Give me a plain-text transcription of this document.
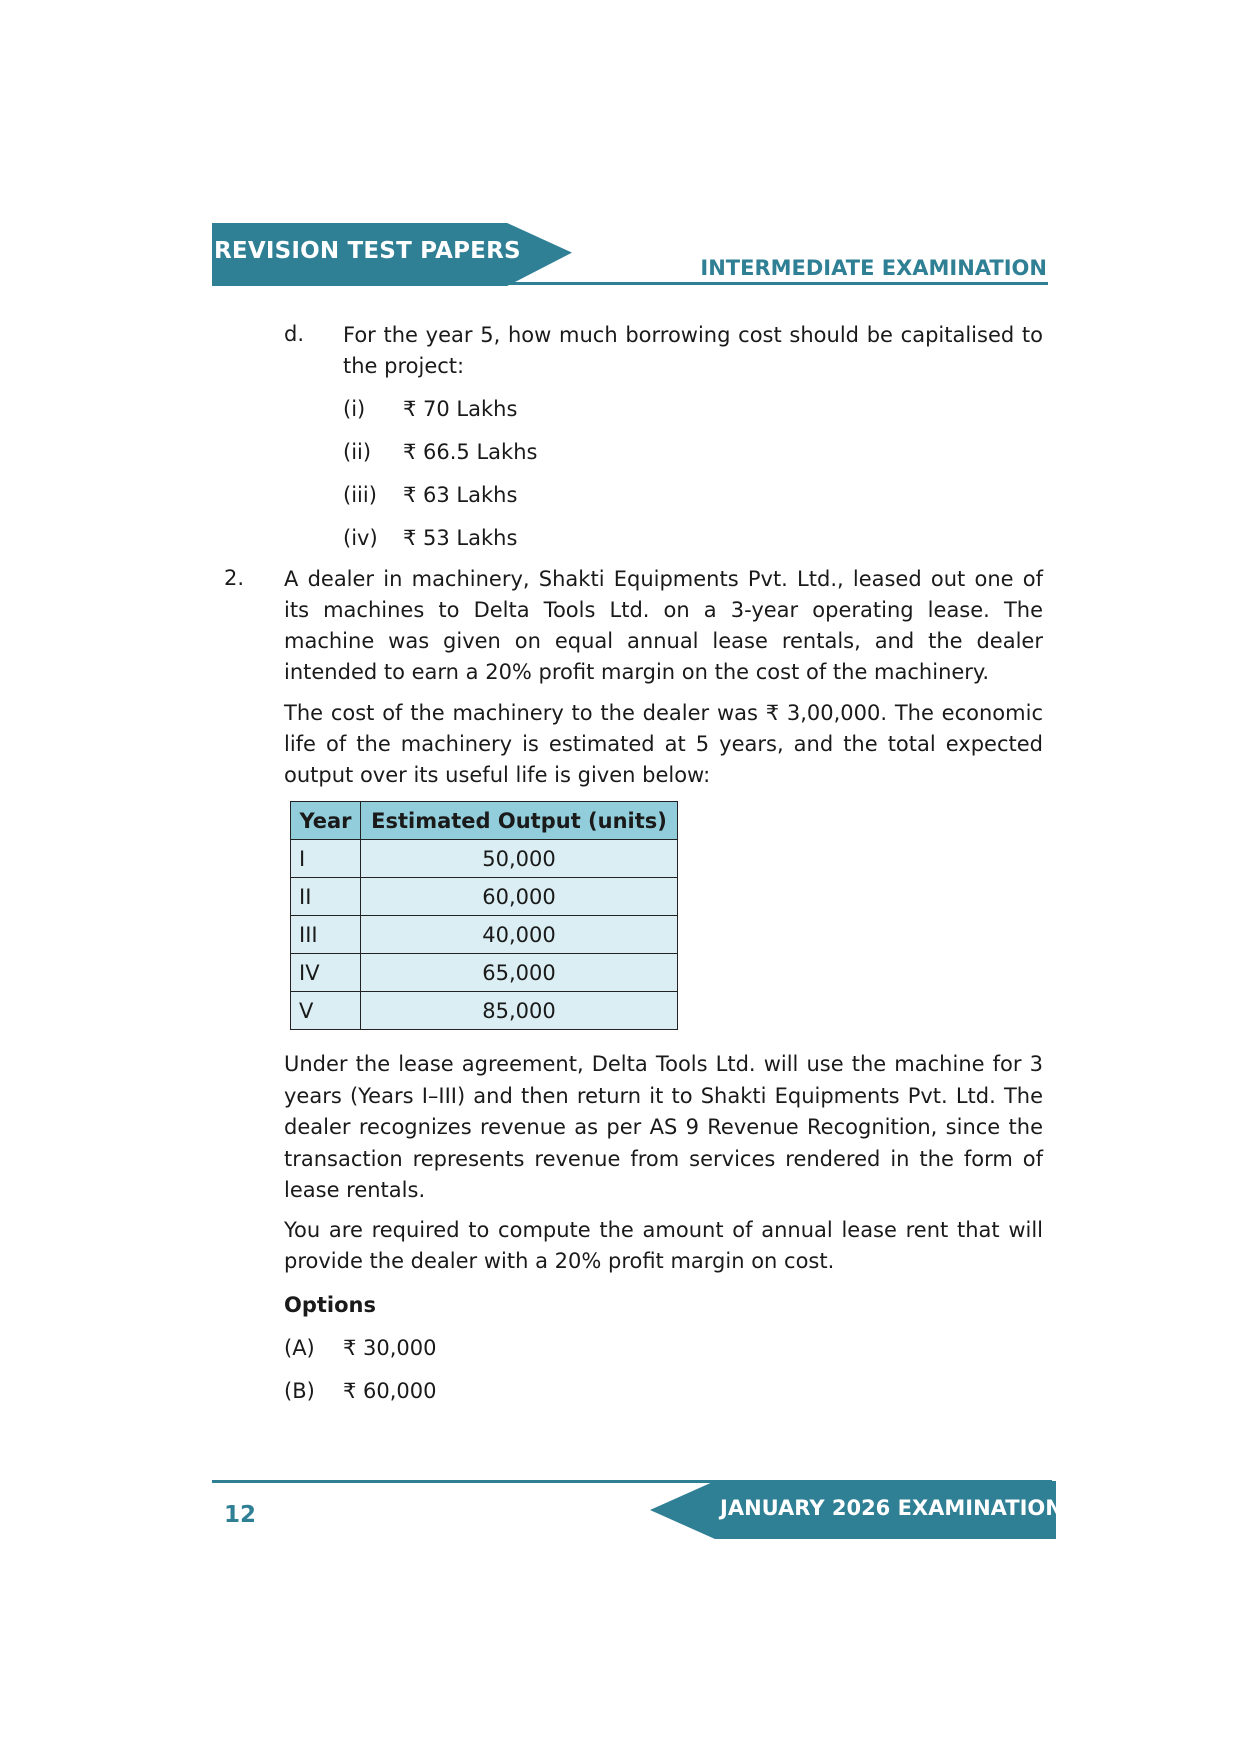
REVISION TEST PAPERS
INTERMEDIATE EXAMINATION
d. For the year 5, how much borrowing cost should be capitalised to the project:
(i) ₹ 70 Lakhs
(ii) ₹ 66.5 Lakhs
(iii) ₹ 63 Lakhs
(iv) ₹ 53 Lakhs
2. A dealer in machinery, Shakti Equipments Pvt. Ltd., leased out one of its machines to Delta Tools Ltd. on a 3-year operating lease. The machine was given on equal annual lease rentals, and the dealer intended to earn a 20% profit margin on the cost of the machinery.
The cost of the machinery to the dealer was ₹ 3,00,000. The economic life of the machinery is estimated at 5 years, and the total expected output over its useful life is given below:
Year	Estimated Output (units)
I	50,000
II	60,000
III	40,000
IV	65,000
V	85,000
Under the lease agreement, Delta Tools Ltd. will use the machine for 3 years (Years I–III) and then return it to Shakti Equipments Pvt. Ltd. The dealer recognizes revenue as per AS 9 Revenue Recognition, since the transaction represents revenue from services rendered in the form of lease rentals.
You are required to compute the amount of annual lease rent that will provide the dealer with a 20% profit margin on cost.
Options
(A) ₹ 30,000
(B) ₹ 60,000
JANUARY 2026 EXAMINATION
12
